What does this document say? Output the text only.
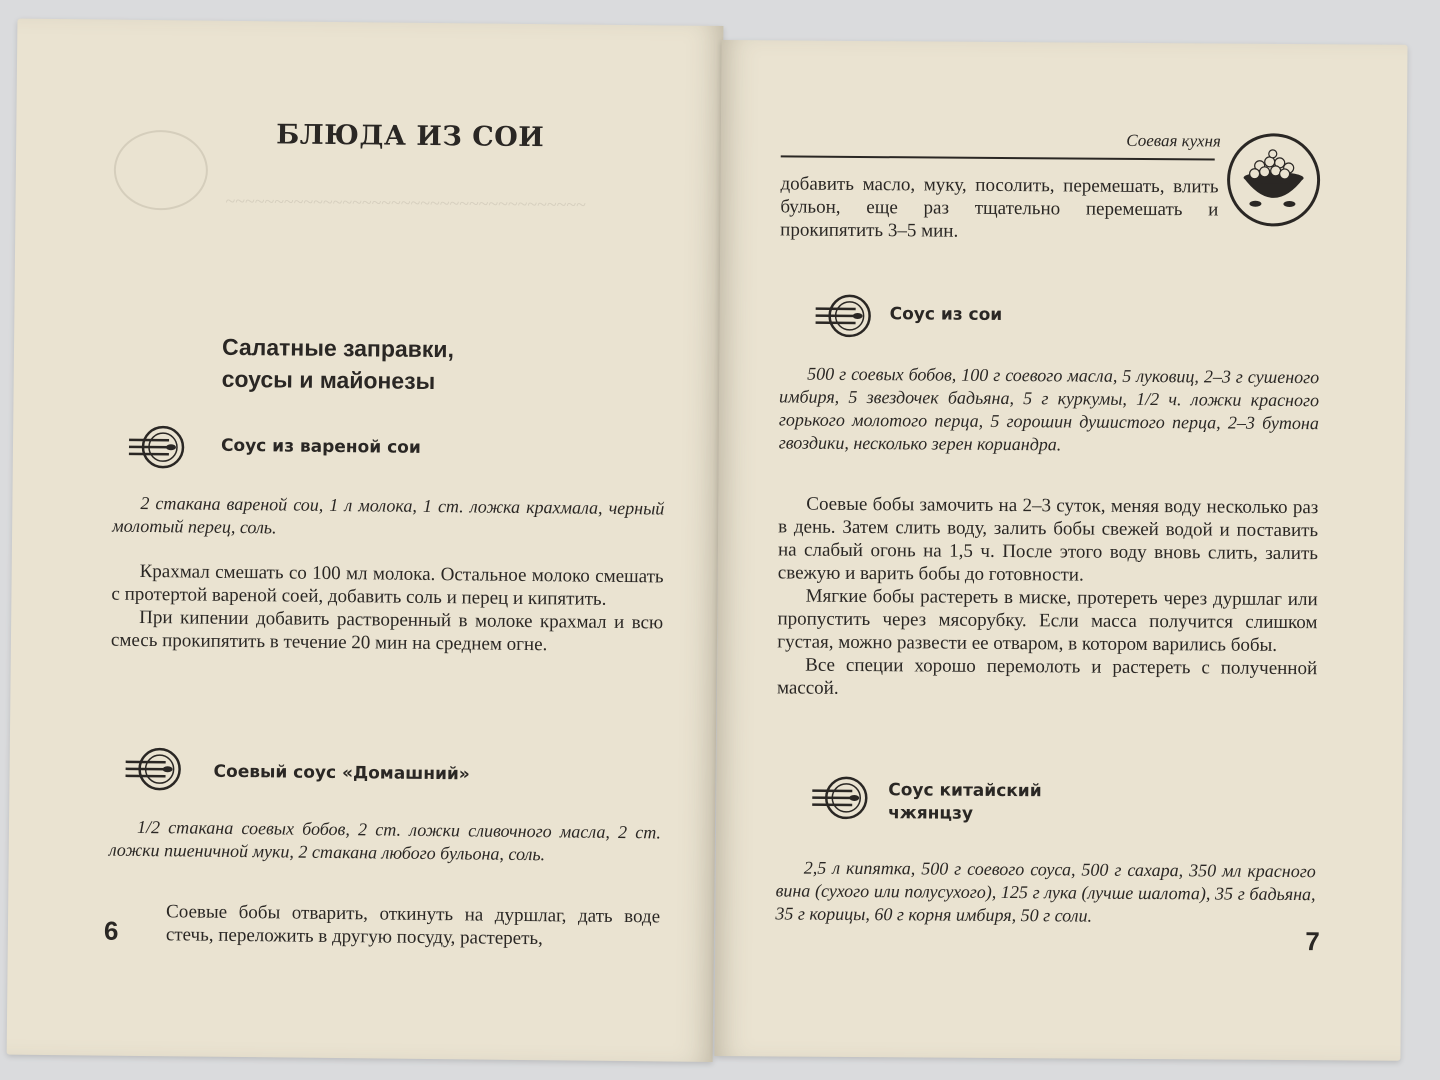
~~~~~~~~~~~~~~~~~~~~~~~~~~~~~~~~~~~~~
БЛЮДА ИЗ СОИ
Салатные заправки,
соусы и майонезы
Соус из вареной сои

2 стакана вареной сои, 1 л молока, 1 ст. ложка крахмала, черный молотый перец, соль.

Крахмал смешать со 100 мл молока. Остальное молоко смешать с протертой вареной соей, добавить соль и перец и кипятить.

При кипении добавить растворенный в молоке крахмал и всю смесь прокипятить в течение 20 мин на среднем огне.

Соевый соус «Домашний»

1/2 стакана соевых бобов, 2 ст. ложки сливочного масла, 2 ст. ложки пшеничной муки, 2 стакана любого бульона, соль.

Соевые бобы отварить, откинуть на дуршлаг, дать воде стечь, переложить в другую посуду, растереть,

6
Соевая кухня

добавить масло, муку, посолить, перемешать, влить бульон, еще раз тщательно перемешать и прокипятить 3–5 мин.

Соус из сои

500 г соевых бобов, 100 г соевого масла, 5 луковиц, 2–3 г сушеного имбиря, 5 звездочек бадьяна, 5 г куркумы, 1/2 ч. ложки красного горького молотого перца, 5 горошин душистого перца, 2–3 бутона гвоздики, несколько зерен кориандра.

Соевые бобы замочить на 2–3 суток, меняя воду несколько раз в день. Затем слить воду, залить бобы свежей водой и поставить на слабый огонь на 1,5 ч. После этого воду вновь слить, залить свежую и варить бобы до готовности.

Мягкие бобы растереть в миске, протереть через дуршлаг или пропустить через мясорубку. Если масса получится слишком густая, можно развести ее отваром, в котором варились бобы.

Все специи хорошо перемолоть и растереть с полученной массой.

Соус китайский
чжянцзу

2,5 л кипятка, 500 г соевого соуса, 500 г сахара, 350 мл красного вина (сухого или полусухого), 125 г лука (лучше шалота), 35 г бадьяна, 35 г корицы, 60 г корня имбиря, 50 г соли.

7
